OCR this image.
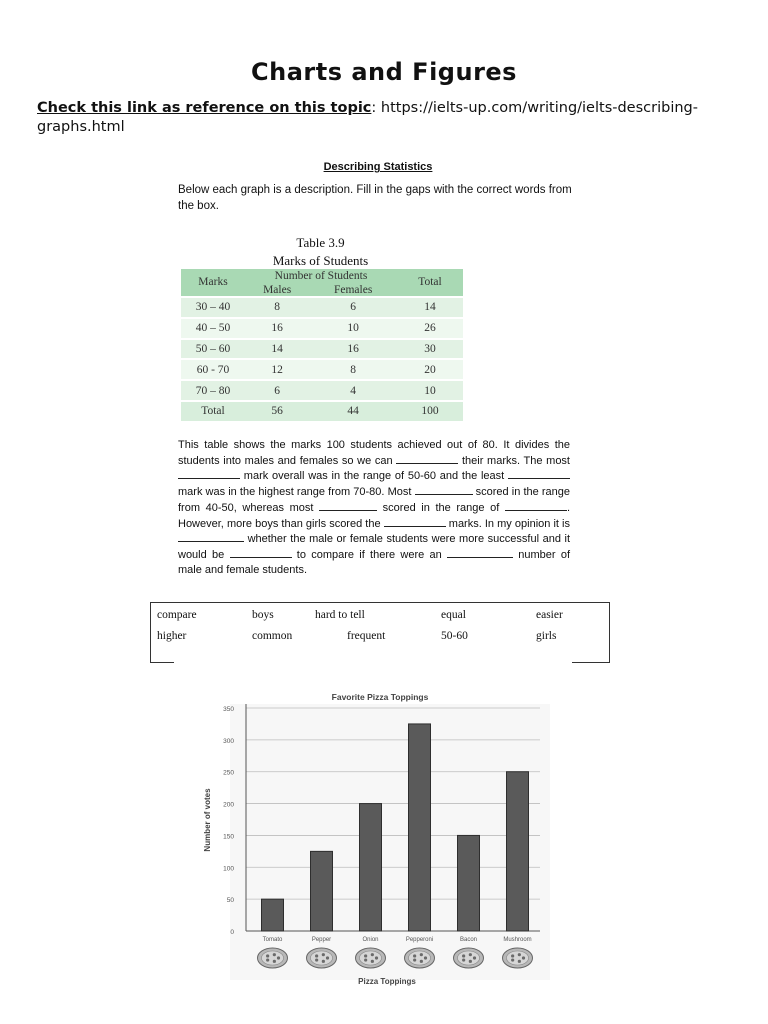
Charts and Figures
Check this link as reference on this topic: https://ielts-up.com/writing/ielts-describing-graphs.html
Describing Statistics
Below each graph is a description. Fill in the gaps with the correct words from the box.
Table 3.9
Marks of Students
Marks	Number of Students		Total
	Males	Females	
30 – 40	8	6	14
40 – 50	16	10	26
50 – 60	14	16	30
60 - 70	12	8	20
70 – 80	6	4	10
Total	56	44	100
This table shows the marks 100 students achieved out of 80. It divides the students into males and females so we can	their marks. The most  mark overall was in the range of 50-60 and the least  mark was in the highest range from 70-80. Most	scored in the range from 40-50, whereas most	scored in the range of	. However, more boys than girls scored the	marks. In my opinion it is  whether the male or female students were more successful and it would be	to compare if there were an	number of male and female students.
compare	boys	hard to tell	equal	easier
higher	common	frequent	50-60	girls
Favorite Pizza Toppings
Number of votes
Pizza Toppings
0
50
100
150
200
250
300
350
Tomato	Pepper	Onion	Pepperoni	Bacon	Mushroom
